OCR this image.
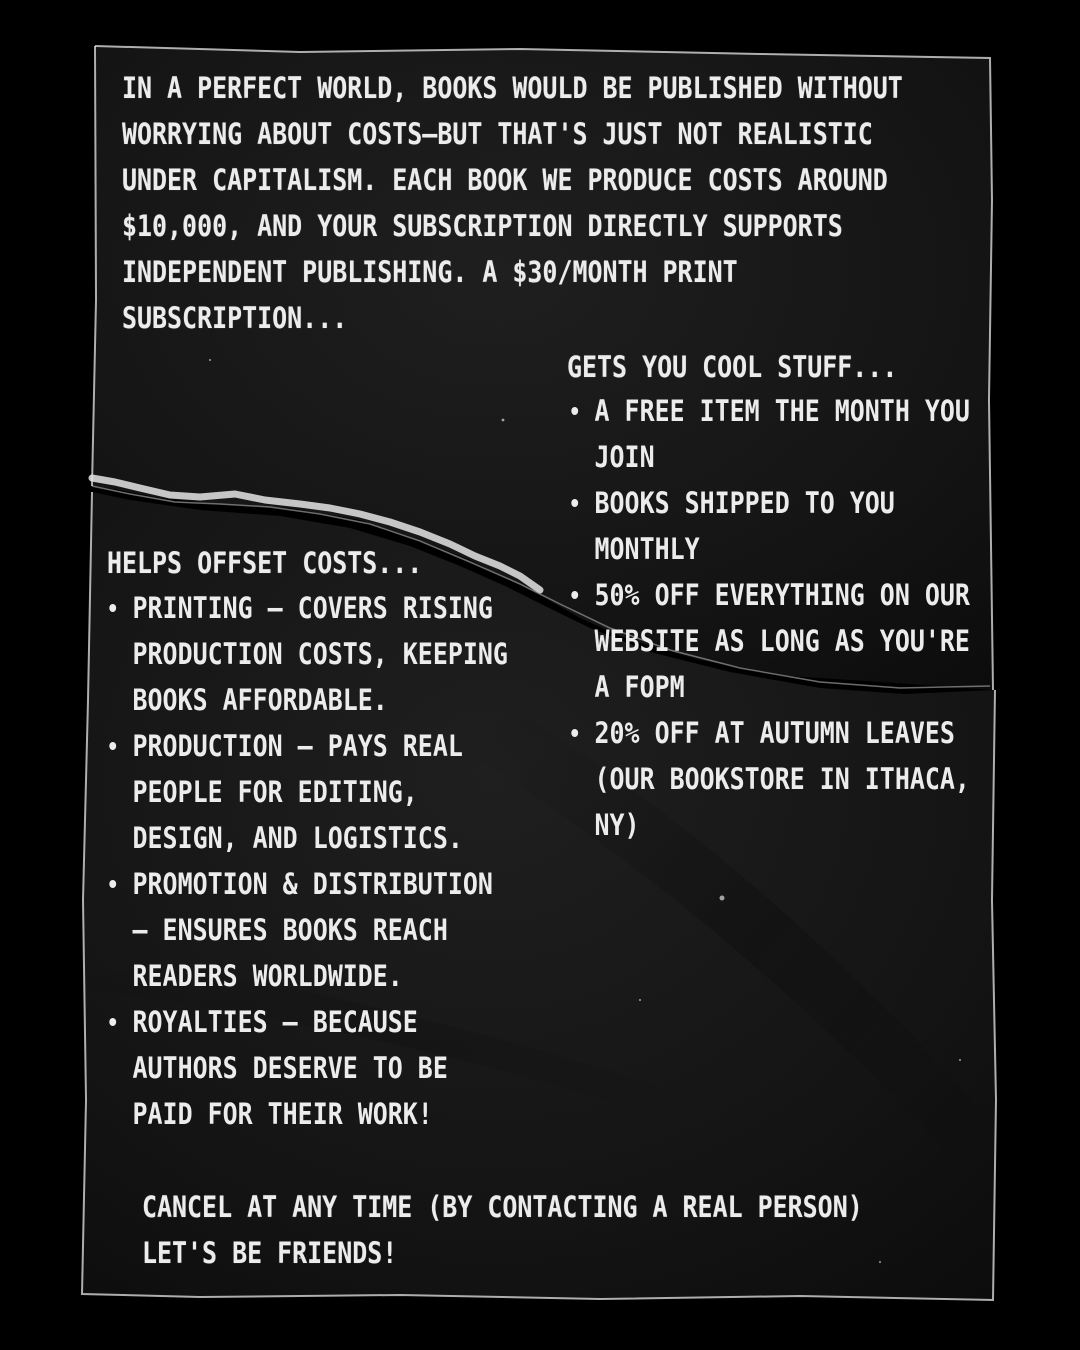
IN A PERFECT WORLD, BOOKS WOULD BE PUBLISHED WITHOUT WORRYING ABOUT COSTS—BUT THAT'S JUST NOT REALISTIC UNDER CAPITALISM. EACH BOOK WE PRODUCE COSTS AROUND $10,000, AND YOUR SUBSCRIPTION DIRECTLY SUPPORTS INDEPENDENT PUBLISHING. A $30/MONTH PRINT SUBSCRIPTION...
GETS YOU COOL STUFF...
A FREE ITEM THE MONTH YOU JOIN
BOOKS SHIPPED TO YOU MONTHLY
50% OFF EVERYTHING ON OUR WEBSITE AS LONG AS YOU'RE A FOPM
20% OFF AT AUTUMN LEAVES (OUR BOOKSTORE IN ITHACA, NY)
HELPS OFFSET COSTS...
PRINTING – COVERS RISING PRODUCTION COSTS, KEEPING BOOKS AFFORDABLE.
PRODUCTION – PAYS REAL PEOPLE FOR EDITING, DESIGN, AND LOGISTICS.
PROMOTION & DISTRIBUTION – ENSURES BOOKS REACH READERS WORLDWIDE.
ROYALTIES – BECAUSE AUTHORS DESERVE TO BE PAID FOR THEIR WORK!
CANCEL AT ANY TIME (BY CONTACTING A REAL PERSON)
LET'S BE FRIENDS!
